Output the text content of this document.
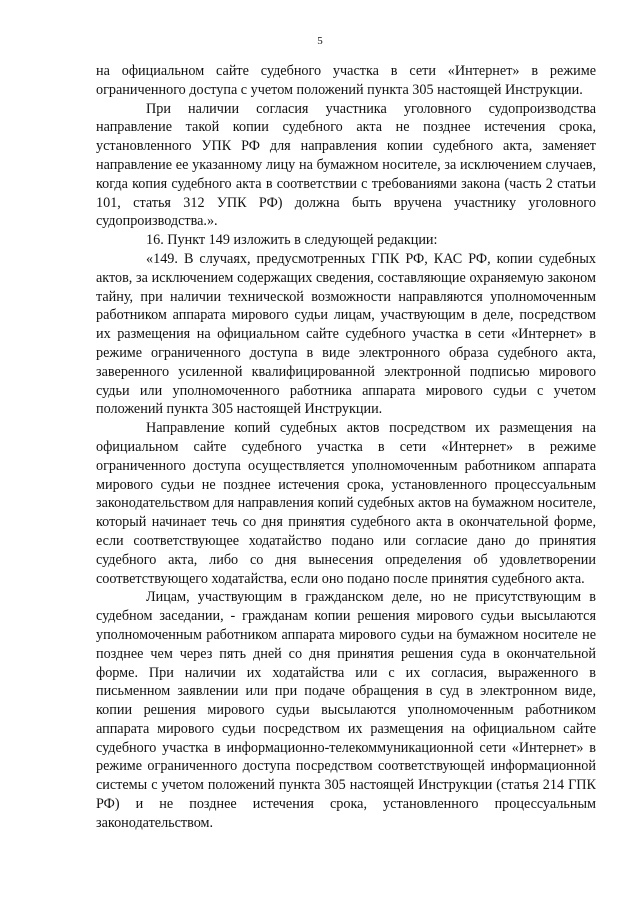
5

на официальном сайте судебного участка в сети «Интернет» в режиме ограниченного доступа с учетом положений пункта 305 настоящей Инструкции.

При наличии согласия участника уголовного судопроизводства направление такой копии судебного акта не позднее истечения срока, установленного УПК РФ для направления копии судебного акта, заменяет направление ее указанному лицу на бумажном носителе, за исключением случаев, когда копия судебного акта в соответствии с требованиями закона (часть 2 статьи 101, статья 312 УПК РФ) должна быть вручена участнику уголовного судопроизводства.».

16. Пункт 149 изложить в следующей редакции:

«149. В случаях, предусмотренных ГПК РФ, КАС РФ, копии судебных актов, за исключением содержащих сведения, составляющие охраняемую законом тайну, при наличии технической возможности направляются уполномоченным работником аппарата мирового судьи лицам, участвующим в деле, посредством их размещения на официальном сайте судебного участка в сети «Интернет» в режиме ограниченного доступа в виде электронного образа судебного акта, заверенного усиленной квалифицированной электронной подписью мирового судьи или уполномоченного работника аппарата мирового судьи с учетом положений пункта 305 настоящей Инструкции.

Направление копий судебных актов посредством их размещения на официальном сайте судебного участка в сети «Интернет» в режиме ограниченного доступа осуществляется уполномоченным работником аппарата мирового судьи не позднее истечения срока, установленного процессуальным законодательством для направления копий судебных актов на бумажном носителе, который начинает течь со дня принятия судебного акта в окончательной форме, если соответствующее ходатайство подано или согласие дано до принятия судебного акта, либо со дня вынесения определения об удовлетворении соответствующего ходатайства, если оно подано после принятия судебного акта.

Лицам, участвующим в гражданском деле, но не присутствующим в судебном заседании, - гражданам копии решения мирового судьи высылаются уполномоченным работником аппарата мирового судьи на бумажном носителе не позднее чем через пять дней со дня принятия решения суда в окончательной форме. При наличии их ходатайства или с их согласия, выраженного в письменном заявлении или при подаче обращения в суд в электронном виде, копии решения мирового судьи высылаются уполномоченным работником аппарата мирового судьи посредством их размещения на официальном сайте судебного участка в информационно-телекоммуникационной сети «Интернет» в режиме ограниченного доступа посредством соответствующей информационной системы с учетом положений пункта 305 настоящей Инструкции (статья 214 ГПК РФ) и не позднее истечения срока, установленного процессуальным законодательством.
